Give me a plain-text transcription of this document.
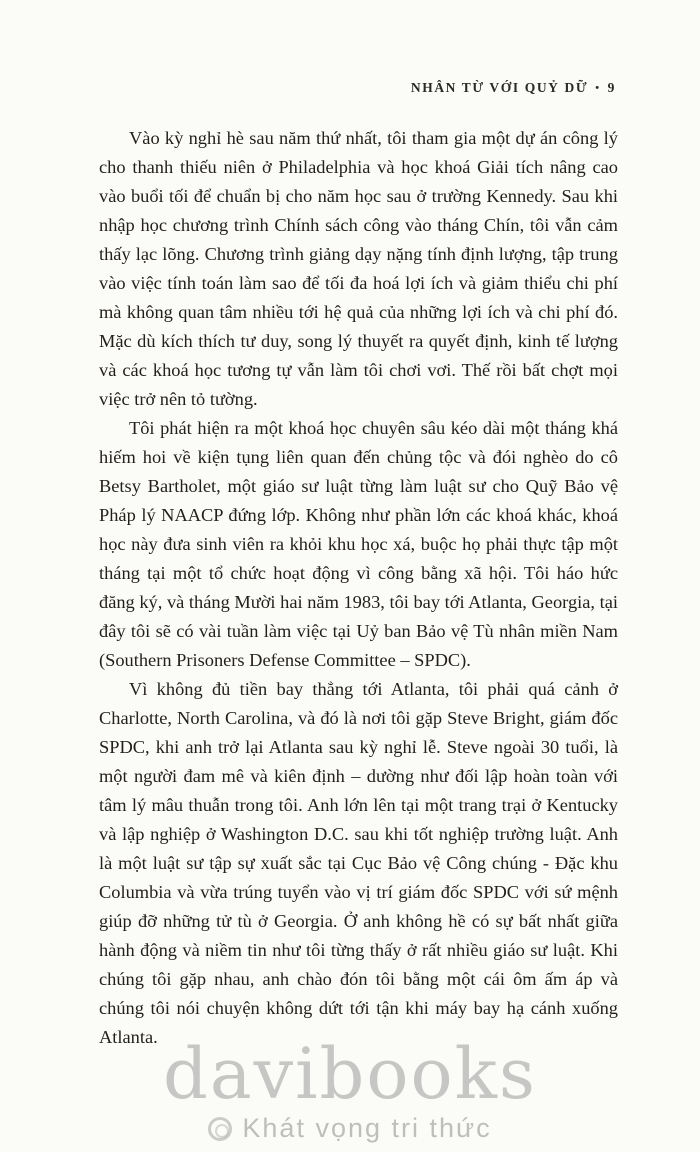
NHÂN TỪ VỚI QUỶ DỮ • 9

Vào kỳ nghỉ hè sau năm thứ nhất, tôi tham gia một dự án công lý cho thanh thiếu niên ở Philadelphia và học khoá Giải tích nâng cao vào buổi tối để chuẩn bị cho năm học sau ở trường Kennedy. Sau khi nhập học chương trình Chính sách công vào tháng Chín, tôi vẫn cảm thấy lạc lõng. Chương trình giảng dạy nặng tính định lượng, tập trung vào việc tính toán làm sao để tối đa hoá lợi ích và giảm thiểu chi phí mà không quan tâm nhiều tới hệ quả của những lợi ích và chi phí đó. Mặc dù kích thích tư duy, song lý thuyết ra quyết định, kinh tế lượng và các khoá học tương tự vẫn làm tôi chơi vơi. Thế rồi bất chợt mọi việc trở nên tỏ tường.

Tôi phát hiện ra một khoá học chuyên sâu kéo dài một tháng khá hiếm hoi về kiện tụng liên quan đến chủng tộc và đói nghèo do cô Betsy Bartholet, một giáo sư luật từng làm luật sư cho Quỹ Bảo vệ Pháp lý NAACP đứng lớp. Không như phần lớn các khoá khác, khoá học này đưa sinh viên ra khỏi khu học xá, buộc họ phải thực tập một tháng tại một tổ chức hoạt động vì công bằng xã hội. Tôi háo hức đăng ký, và tháng Mười hai năm 1983, tôi bay tới Atlanta, Georgia, tại đây tôi sẽ có vài tuần làm việc tại Uỷ ban Bảo vệ Tù nhân miền Nam (Southern Prisoners Defense Committee – SPDC).

Vì không đủ tiền bay thẳng tới Atlanta, tôi phải quá cảnh ở Charlotte, North Carolina, và đó là nơi tôi gặp Steve Bright, giám đốc SPDC, khi anh trở lại Atlanta sau kỳ nghỉ lễ. Steve ngoài 30 tuổi, là một người đam mê và kiên định – dường như đối lập hoàn toàn với tâm lý mâu thuẫn trong tôi. Anh lớn lên tại một trang trại ở Kentucky và lập nghiệp ở Washington D.C. sau khi tốt nghiệp trường luật. Anh là một luật sư tập sự xuất sắc tại Cục Bảo vệ Công chúng - Đặc khu Columbia và vừa trúng tuyển vào vị trí giám đốc SPDC với sứ mệnh giúp đỡ những tử tù ở Georgia. Ở anh không hề có sự bất nhất giữa hành động và niềm tin như tôi từng thấy ở rất nhiều giáo sư luật. Khi chúng tôi gặp nhau, anh chào đón tôi bằng một cái ôm ấm áp và chúng tôi nói chuyện không dứt tới tận khi máy bay hạ cánh xuống Atlanta. davibooks
Khát vọng tri thức
